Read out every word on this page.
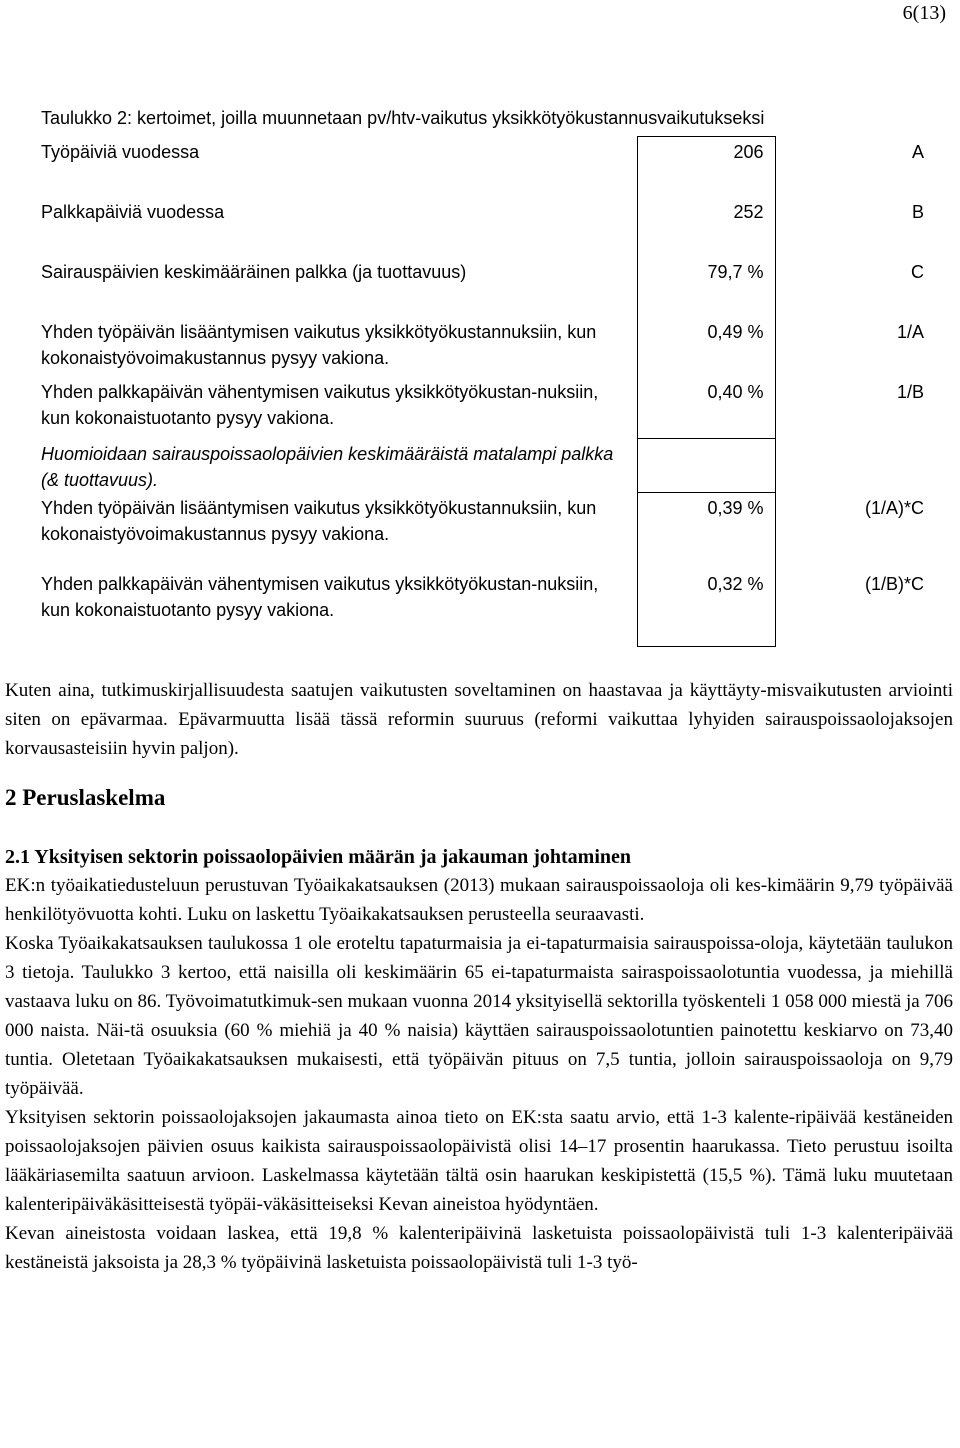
6(13)
Taulukko 2: kertoimet, joilla muunnetaan pv/htv-vaikutus yksikkötyökustannusvaikutukseksi
Työpäiviä vuodessa	206	A
Palkkapäiviä vuodessa	252	B
Sairauspäivien keskimääräinen palkka (ja tuottavuus)	79,7 %	C
Yhden työpäivän lisääntymisen vaikutus yksikkötyökustannuksiin, kun kokonaistyövoimakustannus pysyy vakiona.	0,49 %	1/A
Yhden palkkapäivän vähentymisen vaikutus yksikkötyökustan-nuksiin, kun kokonaistuotanto pysyy vakiona.	0,40 %	1/B
Huomioidaan sairauspoissaolopäivien keskimääräistä matalampi palkka (& tuottavuus).		
Yhden työpäivän lisääntymisen vaikutus yksikkötyökustannuksiin, kun kokonaistyövoimakustannus pysyy vakiona.	0,39 %	(1/A)*C
Yhden palkkapäivän vähentymisen vaikutus yksikkötyökustan-nuksiin, kun kokonaistuotanto pysyy vakiona.	0,32 %	(1/B)*C

Kuten aina, tutkimuskirjallisuudesta saatujen vaikutusten soveltaminen on haastavaa ja käyttäyty-misvaikutusten arviointi siten on epävarmaa. Epävarmuutta lisää tässä reformin suuruus (reformi vaikuttaa lyhyiden sairauspoissaolojaksojen korvausasteisiin hyvin paljon).

2 Peruslaskelma
2.1 Yksityisen sektorin poissaolopäivien määrän ja jakauman johtaminen

EK:n työaikatiedusteluun perustuvan Työaikakatsauksen (2013) mukaan sairauspoissaoloja oli kes-kimäärin 9,79 työpäivää henkilötyövuotta kohti. Luku on laskettu Työaikakatsauksen perusteella seuraavasti.

Koska Työaikakatsauksen taulukossa 1 ole eroteltu tapaturmaisia ja ei-tapaturmaisia sairauspoissa-oloja, käytetään taulukon 3 tietoja. Taulukko 3 kertoo, että naisilla oli keskimäärin 65 ei-tapaturmaista sairaspoissaolotuntia vuodessa, ja miehillä vastaava luku on 86. Työvoimatutkimuk-sen mukaan vuonna 2014 yksityisellä sektorilla työskenteli 1 058 000 miestä ja 706 000 naista. Näi-tä osuuksia (60 % miehiä ja 40 % naisia) käyttäen sairauspoissaolotuntien painotettu keskiarvo on 73,40 tuntia. Oletetaan Työaikakatsauksen mukaisesti, että työpäivän pituus on 7,5 tuntia, jolloin sairauspoissaoloja on 9,79 työpäivää.

Yksityisen sektorin poissaolojaksojen jakaumasta ainoa tieto on EK:sta saatu arvio, että 1-3 kalente-ripäivää kestäneiden poissaolojaksojen päivien osuus kaikista sairauspoissaolopäivistä olisi 14–17 prosentin haarukassa. Tieto perustuu isoilta lääkäriasemilta saatuun arvioon. Laskelmassa käytetään tältä osin haarukan keskipistettä (15,5 %). Tämä luku muutetaan kalenteripäiväkäsitteisestä työpäi-väkäsitteiseksi Kevan aineistoa hyödyntäen.

Kevan aineistosta voidaan laskea, että 19,8 % kalenteripäivinä lasketuista poissaolopäivistä tuli 1-3 kalenteripäivää kestäneistä jaksoista ja 28,3 % työpäivinä lasketuista poissaolopäivistä tuli 1-3 työ-
